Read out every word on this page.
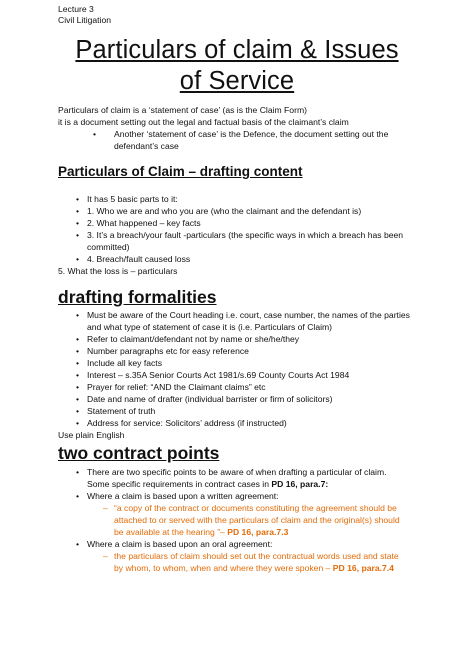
Lecture 3
Civil Litigation
Particulars of claim & Issues
of Service
Particulars of claim is a ‘statement of case’ (as is the Claim Form)
it is a document setting out the legal and factual basis of the claimant’s claim
• Another ‘statement of case’ is the Defence, the document setting out the
defendant’s case
Particulars of Claim – drafting content
• It has 5 basic parts to it:
• 1. Who we are and who you are (who the claimant and the defendant is)
• 2. What happened – key facts
• 3. It’s a breach/your fault -particulars (the specific ways in which a breach has been
committed)
• 4. Breach/fault caused loss
5. What the loss is – particulars
drafting formalities
• Must be aware of the Court heading i.e. court, case number, the names of the parties
and what type of statement of case it is (i.e. Particulars of Claim)
• Refer to claimant/defendant not by name or she/he/they
• Number paragraphs etc for easy reference
• Include all key facts
• Interest – s.35A Senior Courts Act 1981/s.69 County Courts Act 1984
• Prayer for relief: “AND the Claimant claims” etc
• Date and name of drafter (individual barrister or firm of solicitors)
• Statement of truth
• Address for service: Solicitors’ address (if instructed)
Use plain English
two contract points
• There are two specific points to be aware of when drafting a particular of claim.
Some specific requirements in contract cases in PD 16, para.7:
• Where a claim is based upon a written agreement:
– “a copy of the contract or documents constituting the agreement should be
attached to or served with the particulars of claim and the original(s) should
be available at the hearing ”– PD 16, para.7.3
• Where a claim is based upon an oral agreement:
– the particulars of claim should set out the contractual words used and state
by whom, to whom, when and where they were spoken – PD 16, para.7.4
